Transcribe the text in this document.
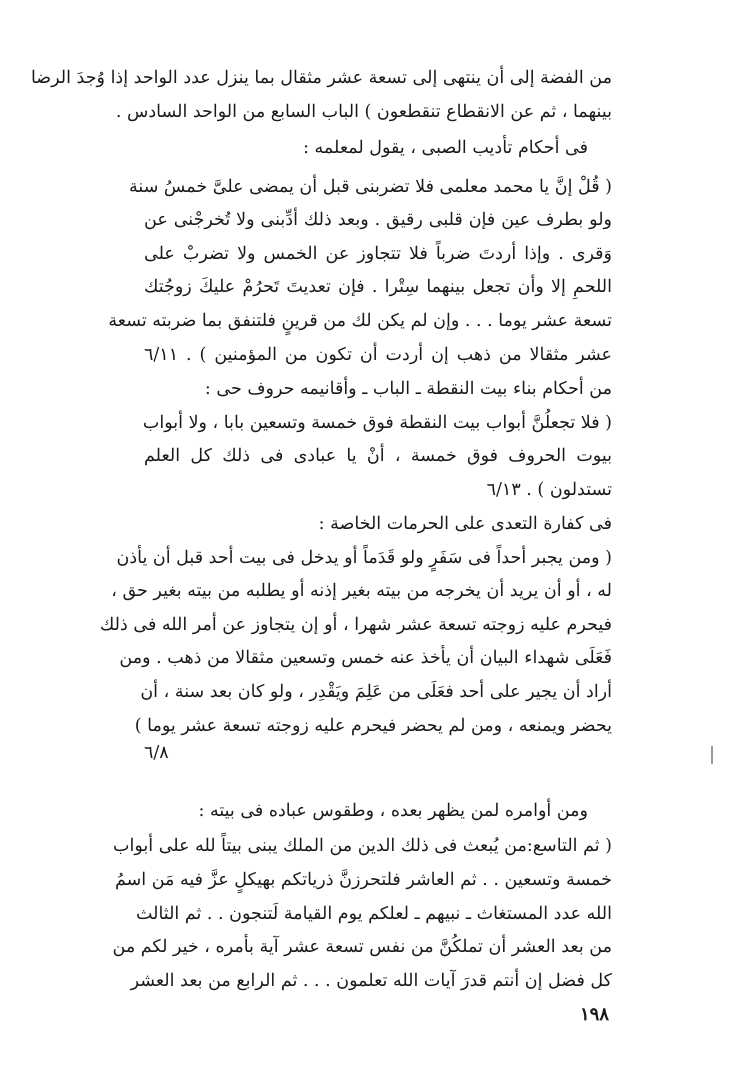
من الفضة إلى أن ينتهى إلى تسعة عشر مثقال بما ينزل عدد الواحد إذا وُجدَ الرضا
بينهما ، ثم عن الانقطاع تنقطعون ) الباب السابع من الواحد السادس .
فى أحكام تأديب الصبى ، يقول لمعلمه :
( قُلْ إنَّ يا محمد معلمى فلا تضربنى قبل أن يمضى علىَّ خمسُ سنة
ولو بطرف عين فإن قلبى رقيق . وبعد ذلك أدِّبنى ولا تُخرجْنى عن
وَقرى . وإذا أردتَ ضرباً فلا تتجاوز عن الخمس ولا تضربْ على
اللحمِ إلا وأن تجعل بينهما سِتْرا . فإن تعديتَ تَحرُمْ عليكَ زوجُتك
تسعة عشر يوما . . . وإن لم يكن لك من قرينٍ فلتنفق بما ضربته تسعة
عشر مثقالا من ذهب إن أردت أن تكون من المؤمنين ) . ٦/١١
من أحكام بناء بيت النقطة ـ الباب ـ وأقانيمه حروف حى :
( فلا تجعلُنَّ أبواب بيت النقطة فوق خمسة وتسعين بابا ، ولا أبواب
بيوت الحروف فوق خمسة ، أنْ يا عبادى فى ذلك كل العلم
تستدلون ) . ٦/١٣
فى كفارة التعدى على الحرمات الخاصة :
( ومن يجبر أحداً فى سَفَرٍ ولو قَدَماً أو يدخل فى بيت أحد قبل أن يأذن
له ، أو أن يريد أن يخرجه من بيته بغير إذنه أو يطلبه من بيته بغير حق ،
فيحرم عليه زوجته تسعة عشر شهرا ، أو إن يتجاوز عن أمر الله فى ذلك
فَعَلَى شهداء البيان أن يأخذ عنه خمس وتسعين مثقالا من ذهب . ومن
أراد أن يجير على أحد فعَلَى من عَلِمَ ويَقْدِر ، ولو كان بعد سنة ، أن
يحضر ويمنعه ، ومن لم يحضر فيحرم عليه زوجته تسعة عشر يوما )
٦/٨
ومن أوامره لمن يظهر بعده ، وطقوس عباده فى بيته :
( ثم التاسع:من يُبعث فى ذلك الدين من الملك يبنى بيتاً لله على أبواب
خمسة وتسعين . . ثم العاشر فلتحرزنَّ ذرياتكم بهيكلٍ عزَّ فيه مَن اسمُ
الله عدد المستغاث ـ نبيهم ـ لعلكم يوم القيامة لَتنجون . . ثم الثالث
من بعد العشر أن تملكُنَّ من نفس تسعة عشر آية بأمره ، خير لكم من
كل فضل إن أنتم قدرَ آيات الله تعلمون . . . ثم الرابع من بعد العشر
١٩٨
